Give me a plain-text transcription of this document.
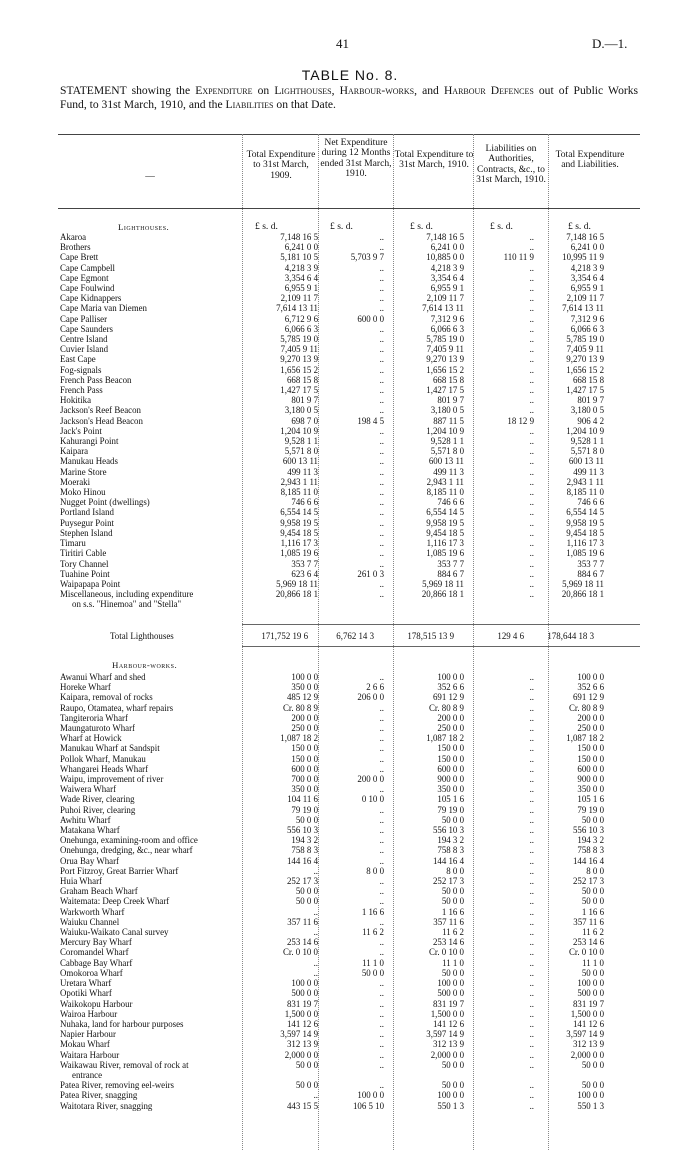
41	D.—1.
TABLE No. 8.
STATEMENT showing the Expenditure on Lighthouses, Harbour-works, and Harbour Defences out of Public Works Fund, to 31st March, 1910, and the Liabilities on that Date.
—
Total Expenditure to 31st March, 1909.
Net Expenditure during 12 Months ended 31st March, 1910.
Total Expenditure to 31st March, 1910.
Liabilities on Authorities, Contracts, &c., to 31st March, 1910.
Total Expenditure and Liabilities.
Lighthouses.	£ s. d.	£ s. d.	£ s. d.	£ s. d.	£ s. d.
Akaroa	7,148 16 5	..	7,148 16 5	..	7,148 16 5
Brothers	6,241 0 0	..	6,241 0 0	..	6,241 0 0
Cape Brett	5,181 10 5	5,703 9 7	10,885 0 0	110 11 9	10,995 11 9
Cape Campbell	4,218 3 9	..	4,218 3 9	..	4,218 3 9
Cape Egmont	3,354 6 4	..	3,354 6 4	..	3,354 6 4
Cape Foulwind	6,955 9 1	..	6,955 9 1	..	6,955 9 1
Cape Kidnappers	2,109 11 7	..	2,109 11 7	..	2,109 11 7
Cape Maria van Diemen	7,614 13 11	..	7,614 13 11	..	7,614 13 11
Cape Palliser	6,712 9 6	600 0 0	7,312 9 6	..	7,312 9 6
Cape Saunders	6,066 6 3	..	6,066 6 3	..	6,066 6 3
Centre Island	5,785 19 0	..	5,785 19 0	..	5,785 19 0
Cuvier Island	7,405 9 11	..	7,405 9 11	..	7,405 9 11
East Cape	9,270 13 9	..	9,270 13 9	..	9,270 13 9
Fog-signals	1,656 15 2	..	1,656 15 2	..	1,656 15 2
French Pass Beacon	668 15 8	..	668 15 8	..	668 15 8
French Pass	1,427 17 5	..	1,427 17 5	..	1,427 17 5
Hokitika	801 9 7	..	801 9 7	..	801 9 7
Jackson's Reef Beacon	3,180 0 5	..	3,180 0 5	..	3,180 0 5
Jackson's Head Beacon	698 7 0	198 4 5	887 11 5	18 12 9	906 4 2
Jack's Point	1,204 10 9	..	1,204 10 9	..	1,204 10 9
Kahurangi Point	9,528 1 1	..	9,528 1 1	..	9,528 1 1
Kaipara	5,571 8 0	..	5,571 8 0	..	5,571 8 0
Manukau Heads	600 13 11	..	600 13 11	..	600 13 11
Marine Store	499 11 3	..	499 11 3	..	499 11 3
Moeraki	2,943 1 11	..	2,943 1 11	..	2,943 1 11
Moko Hinou	8,185 11 0	..	8,185 11 0	..	8,185 11 0
Nugget Point (dwellings)	746 6 6	..	746 6 6	..	746 6 6
Portland Island	6,554 14 5	..	6,554 14 5	..	6,554 14 5
Puysegur Point	9,958 19 5	..	9,958 19 5	..	9,958 19 5
Stephen Island	9,454 18 5	..	9,454 18 5	..	9,454 18 5
Timaru	1,116 17 3	..	1,116 17 3	..	1,116 17 3
Tiritiri Cable	1,085 19 6	..	1,085 19 6	..	1,085 19 6
Tory Channel	353 7 7	..	353 7 7	..	353 7 7
Tuahine Point	623 6 4	261 0 3	884 6 7	..	884 6 7
Waipapapa Point	5,969 18 11	..	5,969 18 11	..	5,969 18 11
Miscellaneous, including expenditure	20,866 18 1	..	20,866 18 1	..	20,866 18 1
on s.s. "Hinemoa" and "Stella"					
Total Lighthouses	171,752 19 6	6,762 14 3	178,515 13 9	129 4 6	178,644 18 3
Harbour-works.
Awanui Wharf and shed	100 0 0	..	100 0 0	..	100 0 0
Horeke Wharf	350 0 0	2 6 6	352 6 6	..	352 6 6
Kaipara, removal of rocks	485 12 9	206 0 0	691 12 9	..	691 12 9
Raupo, Otamatea, wharf repairs	Cr. 80 8 9	..	Cr. 80 8 9	..	Cr. 80 8 9
Tangiteroria Wharf	200 0 0	..	200 0 0	..	200 0 0
Maungaturoto Wharf	250 0 0	..	250 0 0	..	250 0 0
Wharf at Howick	1,087 18 2	..	1,087 18 2	..	1,087 18 2
Manukau Wharf at Sandspit	150 0 0	..	150 0 0	..	150 0 0
Pollok Wharf, Manukau	150 0 0	..	150 0 0	..	150 0 0
Whangarei Heads Wharf	600 0 0	..	600 0 0	..	600 0 0
Waipu, improvement of river	700 0 0	200 0 0	900 0 0	..	900 0 0
Waiwera Wharf	350 0 0	..	350 0 0	..	350 0 0
Wade River, clearing	104 11 6	0 10 0	105 1 6	..	105 1 6
Puhoi River, clearing	79 19 0	..	79 19 0	..	79 19 0
Awhitu Wharf	50 0 0	..	50 0 0	..	50 0 0
Matakana Wharf	556 10 3	..	556 10 3	..	556 10 3
Onehunga, examining-room and office	194 3 2	..	194 3 2	..	194 3 2
Onehunga, dredging, &c., near wharf	758 8 3	..	758 8 3	..	758 8 3
Orua Bay Wharf	144 16 4	..	144 16 4	..	144 16 4
Port Fitzroy, Great Barrier Wharf	..	8 0 0	8 0 0	..	8 0 0
Huia Wharf	252 17 3	..	252 17 3	..	252 17 3
Graham Beach Wharf	50 0 0	..	50 0 0	..	50 0 0
Waitemata: Deep Creek Wharf	50 0 0	..	50 0 0	..	50 0 0
Warkworth Wharf	..	1 16 6	1 16 6	..	1 16 6
Waiuku Channel	357 11 6	..	357 11 6	..	357 11 6
Waiuku-Waikato Canal survey	..	11 6 2	11 6 2	..	11 6 2
Mercury Bay Wharf	253 14 6	..	253 14 6	..	253 14 6
Coromandel Wharf	Cr. 0 10 0	..	Cr. 0 10 0	..	Cr. 0 10 0
Cabbage Bay Wharf	..	11 1 0	11 1 0	..	11 1 0
Omokoroa Wharf	..	50 0 0	50 0 0	..	50 0 0
Uretara Wharf	100 0 0	..	100 0 0	..	100 0 0
Opotiki Wharf	500 0 0	..	500 0 0	..	500 0 0
Waikokopu Harbour	831 19 7	..	831 19 7	..	831 19 7
Wairoa Harbour	1,500 0 0	..	1,500 0 0	..	1,500 0 0
Nuhaka, land for harbour purposes	141 12 6	..	141 12 6	..	141 12 6
Napier Harbour	3,597 14 9	..	3,597 14 9	..	3,597 14 9
Mokau Wharf	312 13 9	..	312 13 9	..	312 13 9
Waitara Harbour	2,000 0 0	..	2,000 0 0	..	2,000 0 0
Waikawau River, removal of rock at	50 0 0	..	50 0 0	..	50 0 0
entrance					
Patea River, removing eel-weirs	50 0 0	..	50 0 0	..	50 0 0
Patea River, snagging	..	100 0 0	100 0 0	..	100 0 0
Waitotara River, snagging	443 15 5	106 5 10	550 1 3	..	550 1 3
